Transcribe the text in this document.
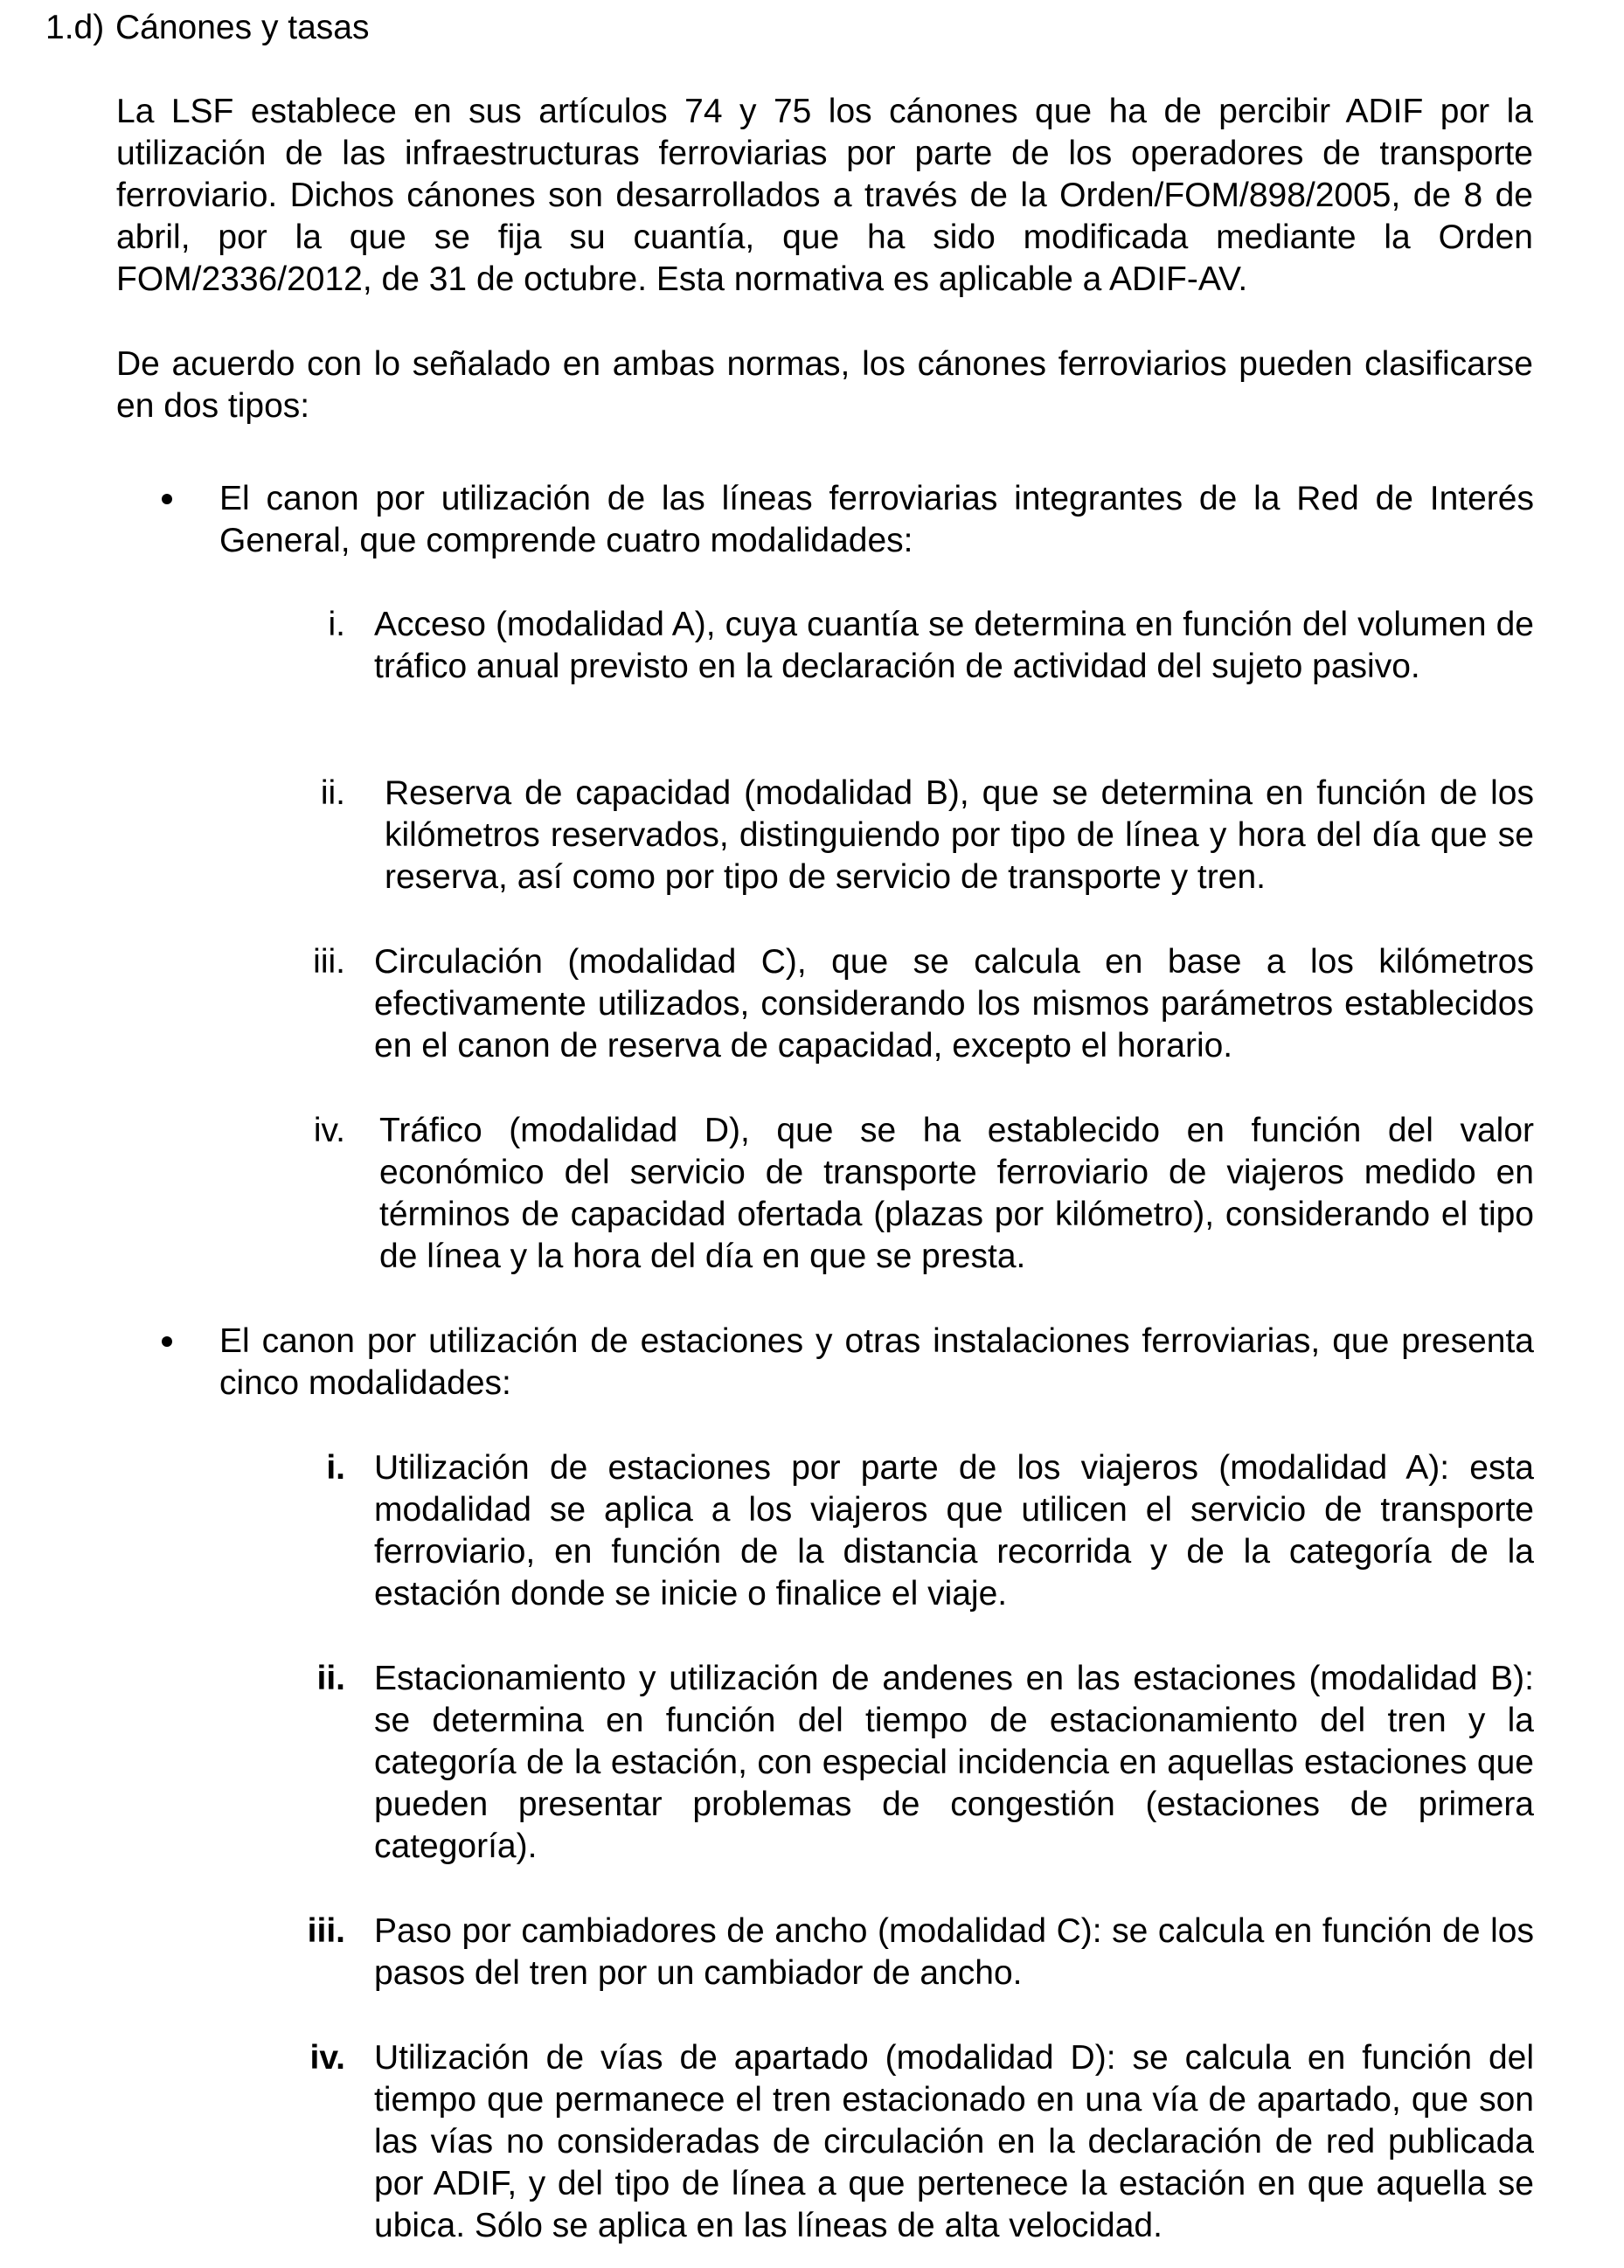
1.d) Cánones y tasas

La LSF establece en sus artículos 74 y 75 los cánones que ha de percibir ADIF por la utilización de las infraestructuras ferroviarias por parte de los operadores de transporte ferroviario. Dichos cánones son desarrollados a través de la Orden/FOM/898/2005, de 8 de abril, por la que se fija su cuantía, que ha sido modificada mediante la Orden FOM/2336/2012, de 31 de octubre. Esta normativa es aplicable a ADIF-AV.

De acuerdo con lo señalado en ambas normas, los cánones ferroviarios pueden clasificarse en dos tipos:

El canon por utilización de las líneas ferroviarias integrantes de la Red de Interés General, que comprende cuatro modalidades:
i. Acceso (modalidad A), cuya cuantía se determina en función del volumen de tráfico anual previsto en la declaración de actividad del sujeto pasivo.
ii. Reserva de capacidad (modalidad B), que se determina en función de los kilómetros reservados, distinguiendo por tipo de línea y hora del día que se reserva, así como por tipo de servicio de transporte y tren.
iii. Circulación (modalidad C), que se calcula en base a los kilómetros efectivamente utilizados, considerando los mismos parámetros establecidos en el canon de reserva de capacidad, excepto el horario.
iv. Tráfico (modalidad D), que se ha establecido en función del valor económico del servicio de transporte ferroviario de viajeros medido en términos de capacidad ofertada (plazas por kilómetro), considerando el tipo de línea y la hora del día en que se presta.
El canon por utilización de estaciones y otras instalaciones ferroviarias, que presenta cinco modalidades:
i. Utilización de estaciones por parte de los viajeros (modalidad A): esta modalidad se aplica a los viajeros que utilicen el servicio de transporte ferroviario, en función de la distancia recorrida y de la categoría de la estación donde se inicie o finalice el viaje.
ii. Estacionamiento y utilización de andenes en las estaciones (modalidad B): se determina en función del tiempo de estacionamiento del tren y la categoría de la estación, con especial incidencia en aquellas estaciones que pueden presentar problemas de congestión (estaciones de primera categoría).
iii. Paso por cambiadores de ancho (modalidad C): se calcula en función de los pasos del tren por un cambiador de ancho.
iv. Utilización de vías de apartado (modalidad D): se calcula en función del tiempo que permanece el tren estacionado en una vía de apartado, que son las vías no consideradas de circulación en la declaración de red publicada por ADIF, y del tipo de línea a que pertenece la estación en que aquella se ubica. Sólo se aplica en las líneas de alta velocidad.
